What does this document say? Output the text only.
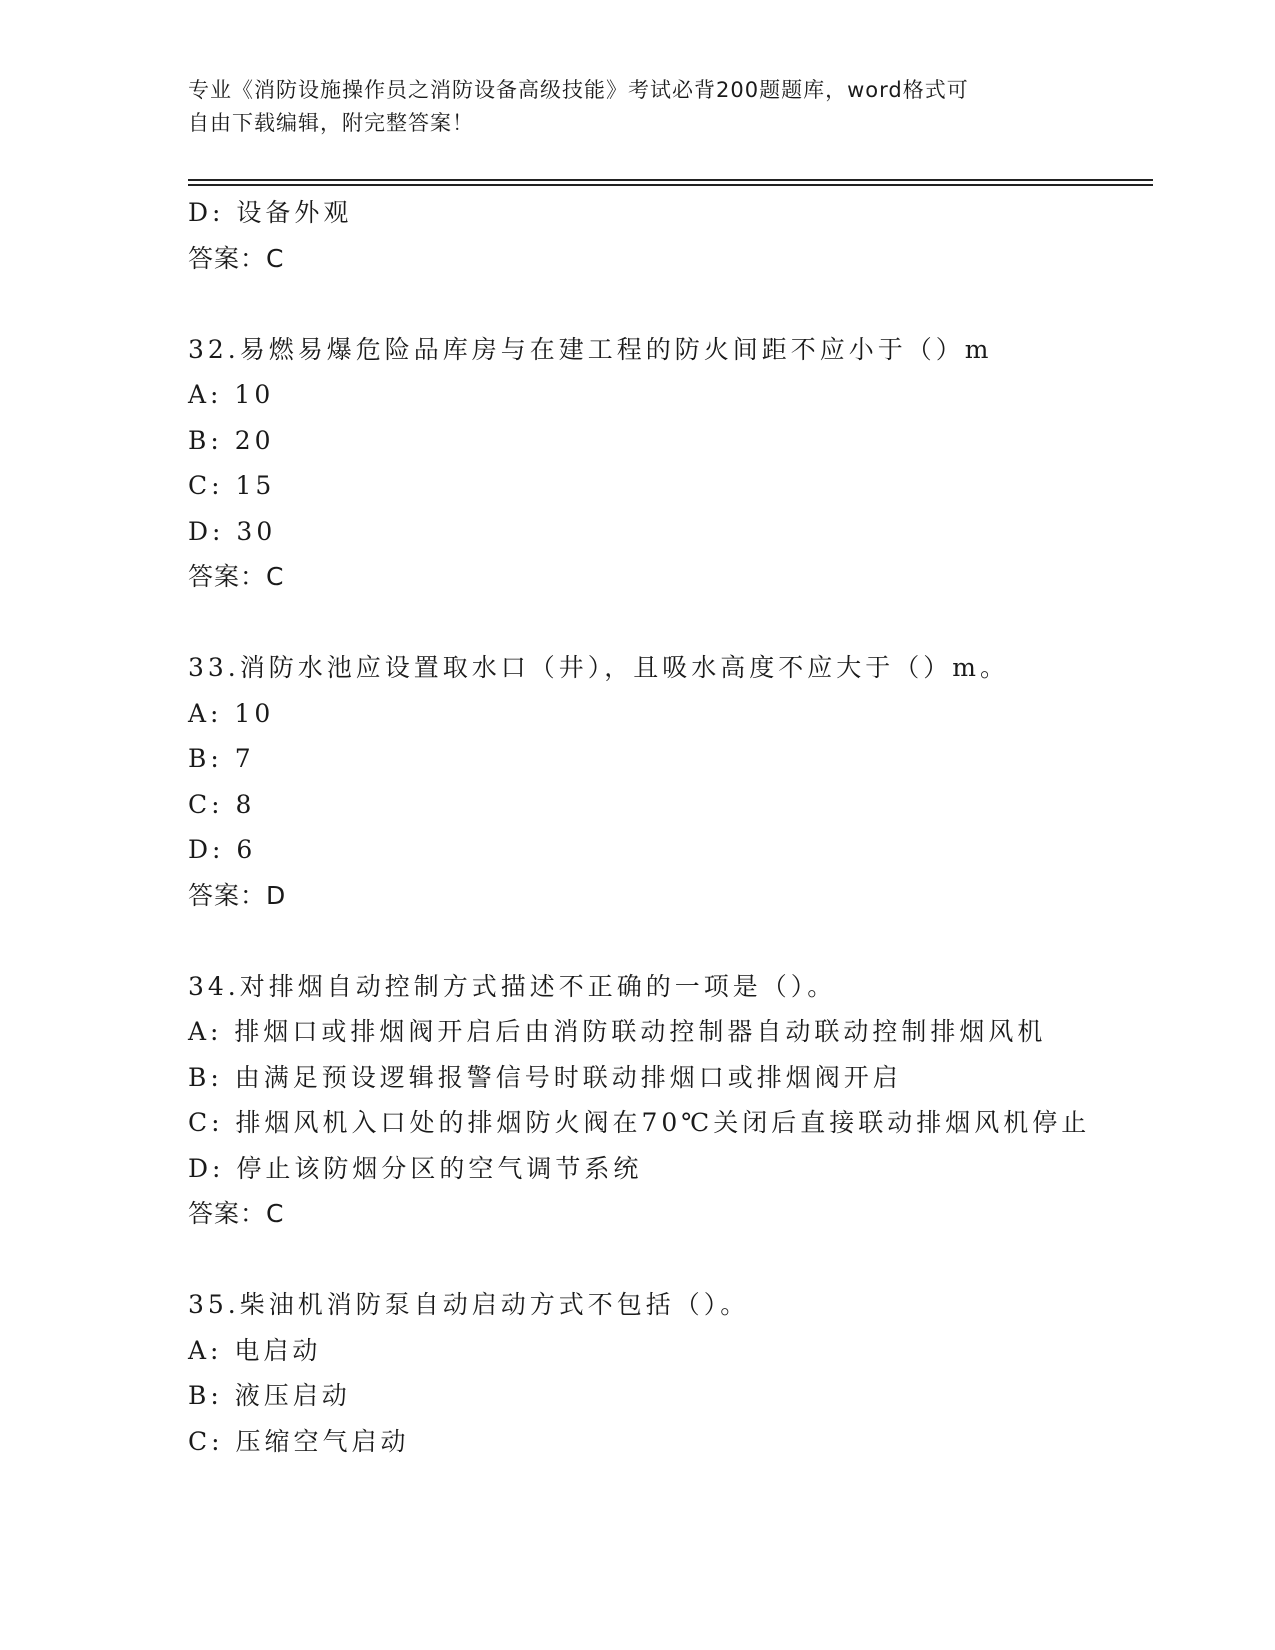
专业《消防设施操作员之消防设备高级技能》考试必背200题题库，word格式可
自由下载编辑，附完整答案！
D: 设备外观
答案：C
32.易燃易爆危险品库房与在建工程的防火间距不应小于（）m
A: 10
B: 20
C: 15
D: 30
答案：C
33.消防水池应设置取水口（井），且吸水高度不应大于（）m。
A: 10
B: 7
C: 8
D: 6
答案：D
34.对排烟自动控制方式描述不正确的一项是（）。
A: 排烟口或排烟阀开启后由消防联动控制器自动联动控制排烟风机
B: 由满足预设逻辑报警信号时联动排烟口或排烟阀开启
C: 排烟风机入口处的排烟防火阀在70℃关闭后直接联动排烟风机停止
D: 停止该防烟分区的空气调节系统
答案：C
35.柴油机消防泵自动启动方式不包括（）。
A: 电启动
B: 液压启动
C: 压缩空气启动
